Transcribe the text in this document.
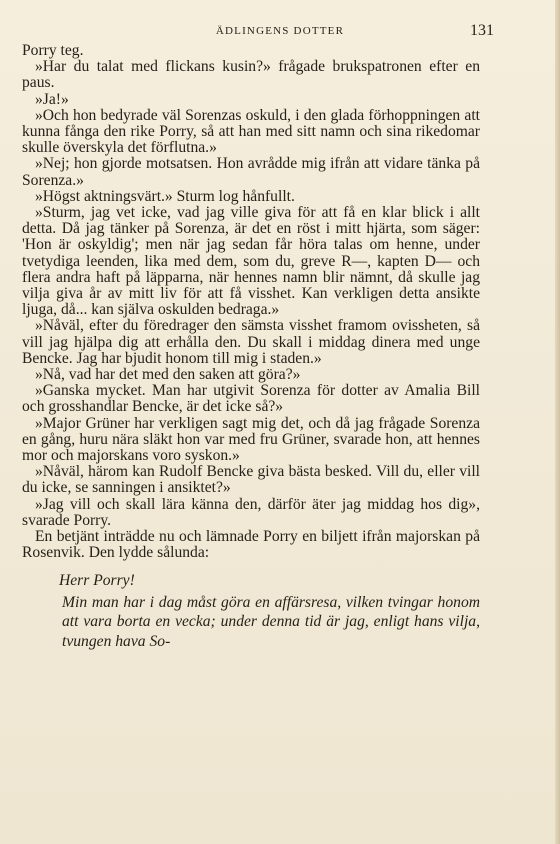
ÄDLINGENS DOTTER	131

Porry teg.

»Har du talat med flickans kusin?» frågade brukspatronen efter en paus.

»Ja!»

»Och hon bedyrade väl Sorenzas oskuld, i den glada förhoppningen att kunna fånga den rike Porry, så att han med sitt namn och sina rikedomar skulle överskyla det förflutna.»

»Nej; hon gjorde motsatsen. Hon avrådde mig ifrån att vidare tänka på Sorenza.»

»Högst aktningsvärt.» Sturm log hånfullt.

»Sturm, jag vet icke, vad jag ville giva för att få en klar blick i allt detta. Då jag tänker på Sorenza, är det en röst i mitt hjärta, som säger: 'Hon är oskyldig'; men när jag sedan får höra talas om henne, under tvetydiga leenden, lika med dem, som du, greve R—, kapten D— och flera andra haft på läpparna, när hennes namn blir nämnt, då skulle jag vilja giva år av mitt liv för att få visshet. Kan verkligen detta ansikte ljuga, då... kan själva oskulden bedraga.»

»Nåväl, efter du föredrager den sämsta visshet framom ovissheten, så vill jag hjälpa dig att erhålla den. Du skall i middag dinera med unge Bencke. Jag har bjudit honom till mig i staden.»

»Nå, vad har det med den saken att göra?»

»Ganska mycket. Man har utgivit Sorenza för dotter av Amalia Bill och grosshandlar Bencke, är det icke så?»

»Major Grüner har verkligen sagt mig det, och då jag frågade Sorenza en gång, huru nära släkt hon var med fru Grüner, svarade hon, att hennes mor och majorskans voro syskon.»

»Nåväl, härom kan Rudolf Bencke giva bästa besked. Vill du, eller vill du icke, se sanningen i ansiktet?»

»Jag vill och skall lära känna den, därför äter jag middag hos dig», svarade Porry.

En betjänt inträdde nu och lämnade Porry en biljett ifrån majorskan på Rosenvik. Den lydde sålunda:

Herr Porry!

Min man har i dag måst göra en affärsresa, vilken tvingar honom att vara borta en vecka; under denna tid är jag, enligt hans vilja, tvungen hava So-
